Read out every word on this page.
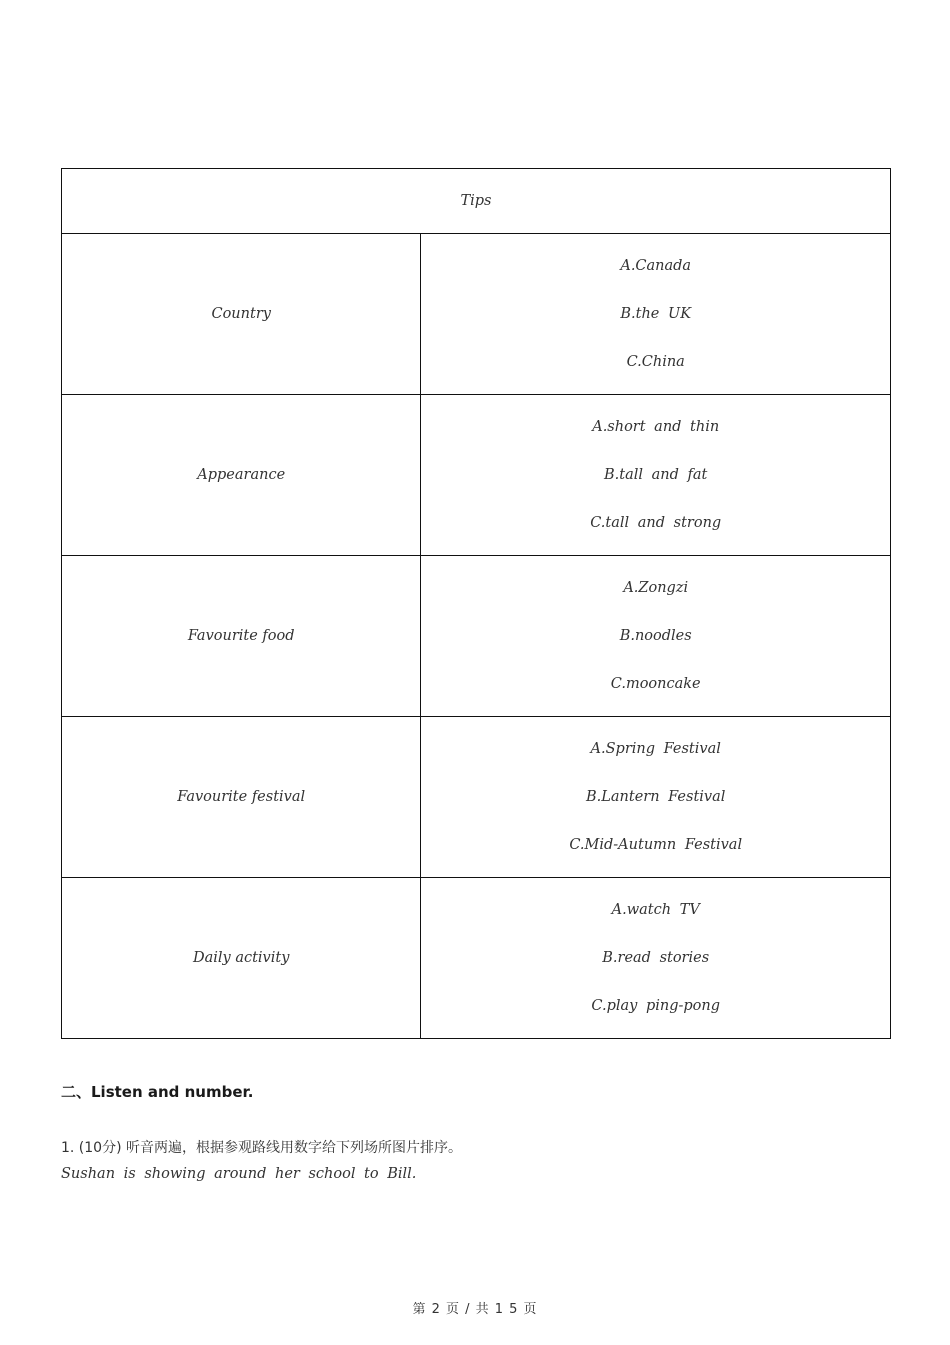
Tips	
Country	A.Canada
B.the UK
C.China

Appearance	A.short and thin
B.tall and fat
C.tall and strong

Favourite food	A.Zongzi
B.noodles
C.mooncake

Favourite festival	A.Spring Festival
B.Lantern Festival
C.Mid-Autumn Festival

Daily activity	A.watch TV
B.read stories
C.play ping-pong
二、Listen and number.
1. (10分) 听音两遍，根据参观路线用数字给下列场所图片排序。
Sushan is showing around her school to Bill.
第 2 页 / 共 1 5 页
